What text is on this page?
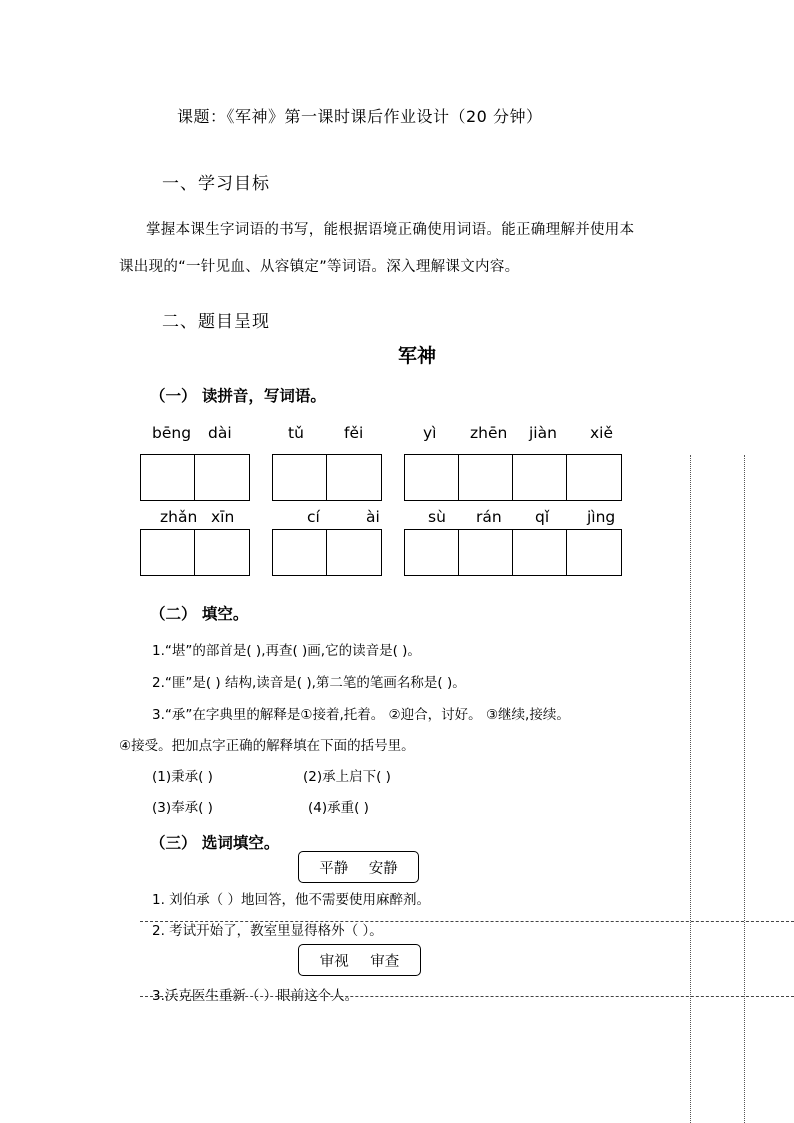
课题：《军神》第一课时课后作业设计（20 分钟）
一、学习目标
掌握本课生字词语的书写，能根据语境正确使用词语。能正确理解并使用本
课出现的“一针见血、从容镇定”等词语。深入理解课文内容。
二、题目呈现
军神
（一） 读拼音，写词语。
bēng dài	tǔ	fěi	yì zhēn jiàn xiě
zhǎn xīn	cí	ài	sù rán qǐ jìng
（二） 填空。
1.“堪”的部首是( ),再查( )画,它的读音是( )。
2.“匪”是( ) 结构,读音是( ),第二笔的笔画名称是( )。
3.“承”在字典里的解释是①接着,托着。 ②迎合，讨好。 ③继续,接续。
④接受。把加点字正确的解释填在下面的括号里。
(1)秉承( )	(2)承上启下( )
(3)奉承( )	(4)承重( )
（三） 选词填空。
平静 安静
1. 刘伯承（ ）地回答，他不需要使用麻醉剂。
2. 考试开始了，教室里显得格外（ ）。
审视 审查
3.沃克医生重新（ ）眼前这个人。
